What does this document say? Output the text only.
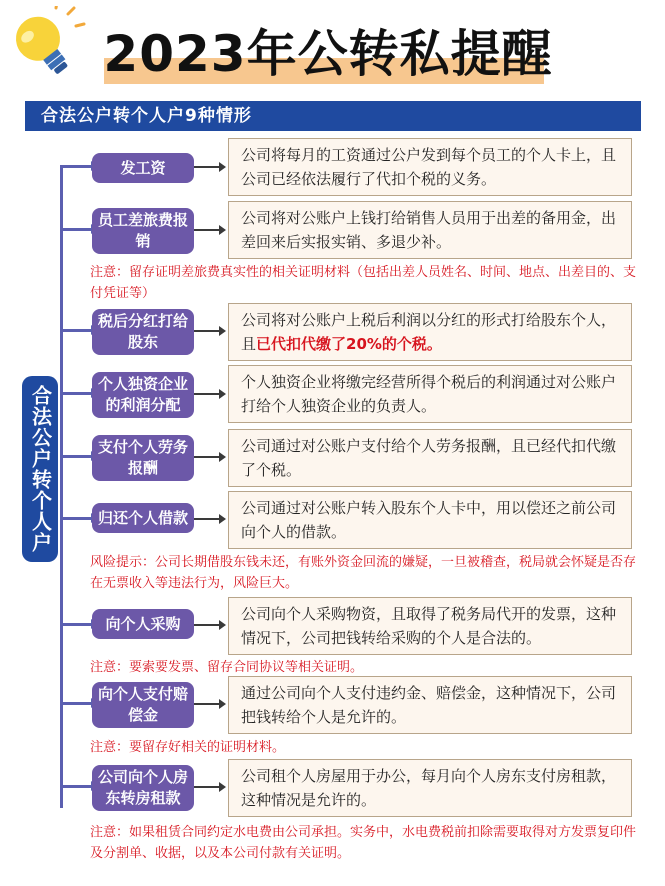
2023年公转私提醒
合法公户转个人户9种情形
合法公户转个人户
发工资
公司将每月的工资通过公户发到每个员工的个人卡上，且公司已经依法履行了代扣个税的义务。
员工差旅费报销
公司将对公账户上钱打给销售人员用于出差的备用金，出差回来后实报实销、多退少补。
注意：留存证明差旅费真实性的相关证明材料（包括出差人员姓名、时间、地点、出差目的、支付凭证等）
税后分红打给股东
公司将对公账户上税后利润以分红的形式打给股东个人，且已代扣代缴了20%的个税。
个人独资企业的利润分配
个人独资企业将缴完经营所得个税后的利润通过对公账户打给个人独资企业的负责人。
支付个人劳务报酬
公司通过对公账户支付给个人劳务报酬，且已经代扣代缴了个税。
归还个人借款
公司通过对公账户转入股东个人卡中，用以偿还之前公司向个人的借款。
风险提示：公司长期借股东钱未还，有账外资金回流的嫌疑，一旦被稽查，税局就会怀疑是否存在无票收入等违法行为，风险巨大。
向个人采购
公司向个人采购物资，且取得了税务局代开的发票，这种情况下，公司把钱转给采购的个人是合法的。
注意：要索要发票、留存合同协议等相关证明。
向个人支付赔偿金
通过公司向个人支付违约金、赔偿金，这种情况下，公司把钱转给个人是允许的。
注意：要留存好相关的证明材料。
公司向个人房东转房租款
公司租个人房屋用于办公，每月向个人房东支付房租款，这种情况是允许的。
注意：如果租赁合同约定水电费由公司承担。实务中，水电费税前扣除需要取得对方发票复印件及分割单、收据，以及本公司付款有关证明。
